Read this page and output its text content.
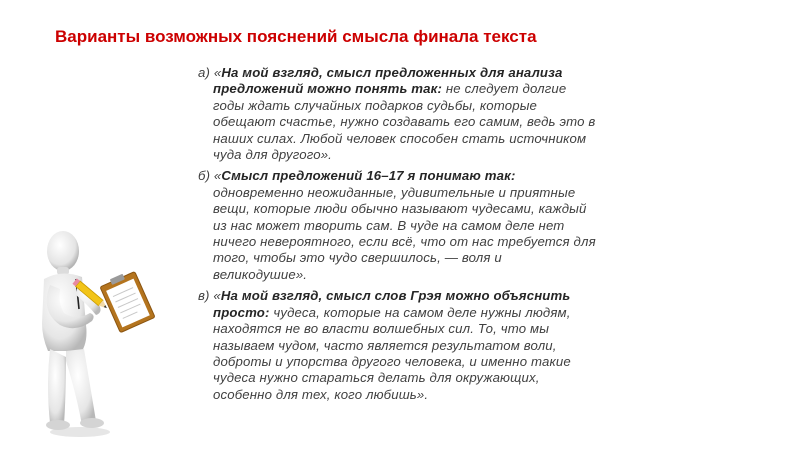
Варианты возможных пояснений смысла финала текста
а) «На мой взгляд, смысл предложенных для анализа
предложений можно понять так: не следует долгие
годы ждать случайных подарков судьбы, которые
обещают счастье, нужно создавать его самим, ведь это в
наших силах. Любой человек способен стать источником
чуда для другого».
б) «Смысл предложений 16–17 я понимаю так:
одновременно неожиданные, удивительные и приятные
вещи, которые люди обычно называют чудесами, каждый
из нас может творить сам. В чуде на самом деле нет
ничего невероятного, если всё, что от нас требуется для
того, чтобы это чудо свершилось, — воля и
великодушие».
в) «На мой взгляд, смысл слов Грэя можно объяснить
просто: чудеса, которые на самом деле нужны людям,
находятся не во власти волшебных сил. То, что мы
называем чудом, часто является результатом воли,
доброты и упорства другого человека, и именно такие
чудеса нужно стараться делать для окружающих,
особенно для тех, кого любишь».
